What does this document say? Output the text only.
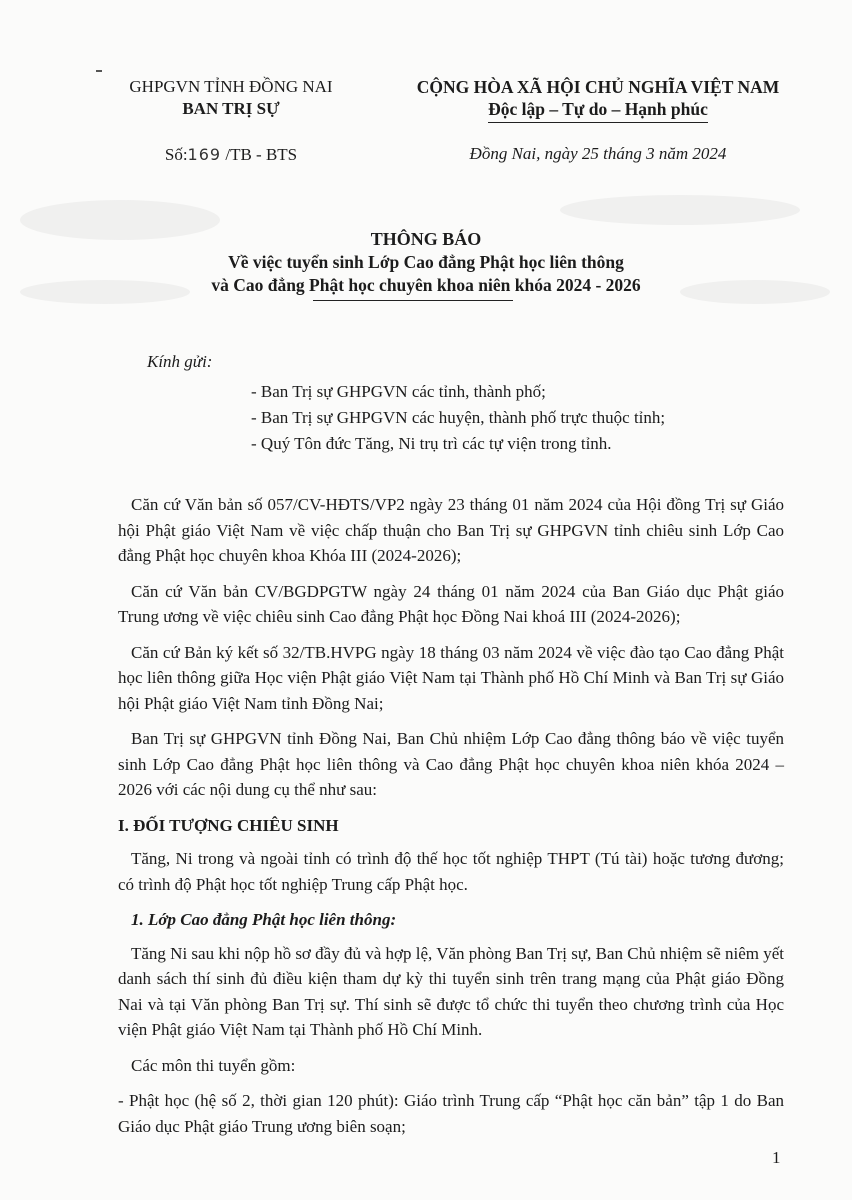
GHPGVN TỈNH ĐỒNG NAI
BAN TRỊ SỰ
Số:169 /TB - BTS
CỘNG HÒA XÃ HỘI CHỦ NGHĨA VIỆT NAM
Độc lập – Tự do – Hạnh phúc
Đồng Nai, ngày 25 tháng 3 năm 2024
THÔNG BÁO
Về việc tuyển sinh Lớp Cao đẳng Phật học liên thông
và Cao đẳng Phật học chuyên khoa niên khóa 2024 - 2026
Kính gửi:
- Ban Trị sự GHPGVN các tỉnh, thành phố;
- Ban Trị sự GHPGVN các huyện, thành phố trực thuộc tỉnh;
- Quý Tôn đức Tăng, Ni trụ trì các tự viện trong tỉnh.

Căn cứ Văn bản số 057/CV-HĐTS/VP2 ngày 23 tháng 01 năm 2024 của Hội đồng Trị sự Giáo hội Phật giáo Việt Nam về việc chấp thuận cho Ban Trị sự GHPGVN tỉnh chiêu sinh Lớp Cao đẳng Phật học chuyên khoa Khóa III (2024-2026);

Căn cứ Văn bản CV/BGDPGTW ngày 24 tháng 01 năm 2024 của Ban Giáo dục Phật giáo Trung ương về việc chiêu sinh Cao đẳng Phật học Đồng Nai khoá III (2024-2026);

Căn cứ Bản ký kết số 32/TB.HVPG ngày 18 tháng 03 năm 2024 về việc đào tạo Cao đẳng Phật học liên thông giữa Học viện Phật giáo Việt Nam tại Thành phố Hồ Chí Minh và Ban Trị sự Giáo hội Phật giáo Việt Nam tỉnh Đồng Nai;

Ban Trị sự GHPGVN tỉnh Đồng Nai, Ban Chủ nhiệm Lớp Cao đẳng thông báo về việc tuyển sinh Lớp Cao đẳng Phật học liên thông và Cao đẳng Phật học chuyên khoa niên khóa 2024 – 2026 với các nội dung cụ thể như sau:

I. ĐỐI TƯỢNG CHIÊU SINH

Tăng, Ni trong và ngoài tỉnh có trình độ thế học tốt nghiệp THPT (Tú tài) hoặc tương đương; có trình độ Phật học tốt nghiệp Trung cấp Phật học.

1. Lớp Cao đẳng Phật học liên thông:

Tăng Ni sau khi nộp hồ sơ đầy đủ và hợp lệ, Văn phòng Ban Trị sự, Ban Chủ nhiệm sẽ niêm yết danh sách thí sinh đủ điều kiện tham dự kỳ thi tuyển sinh trên trang mạng của Phật giáo Đồng Nai và tại Văn phòng Ban Trị sự. Thí sinh sẽ được tổ chức thi tuyển theo chương trình của Học viện Phật giáo Việt Nam tại Thành phố Hồ Chí Minh.

Các môn thi tuyển gồm:

- Phật học (hệ số 2, thời gian 120 phút): Giáo trình Trung cấp “Phật học căn bản” tập 1 do Ban Giáo dục Phật giáo Trung ương biên soạn;

1
